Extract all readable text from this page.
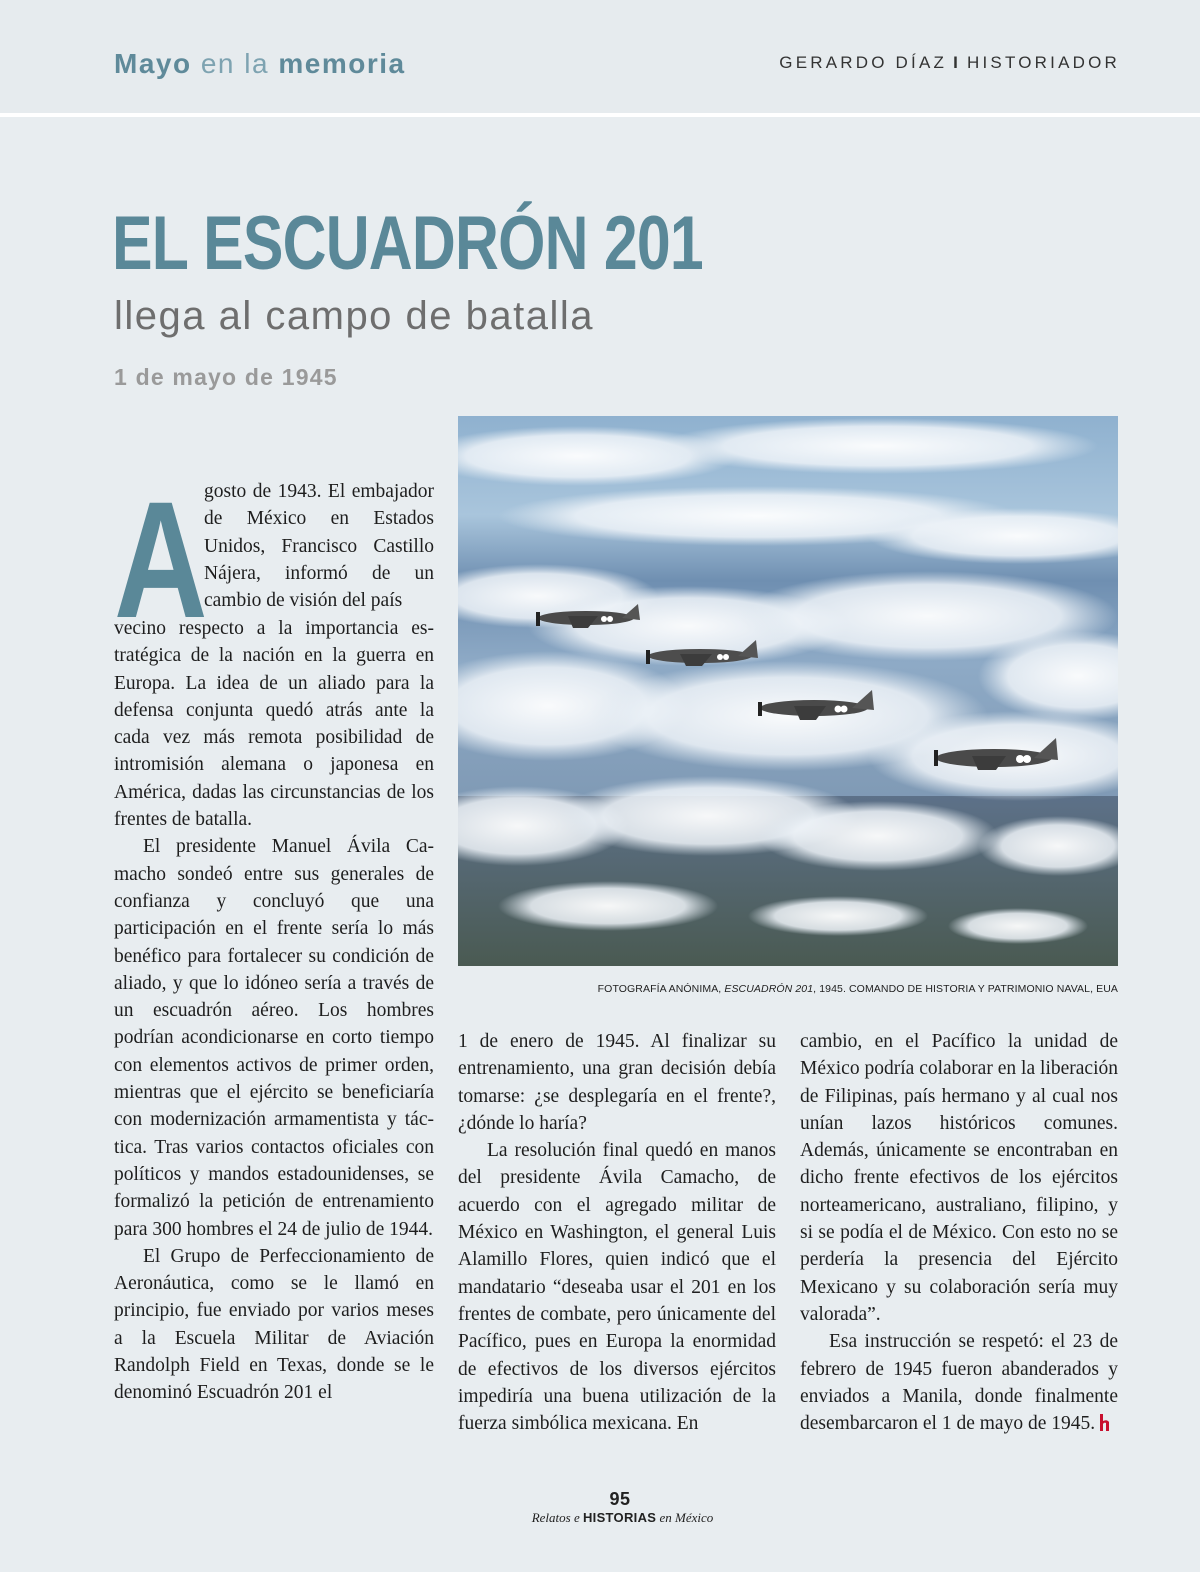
Mayo en la memoria	GERARDO DÍAZ I HISTORIADOR
EL ESCUADRÓN 201
llega al campo de batalla
1 de mayo de 1945
FOTOGRAFÍA ANÓNIMA, ESCUADRÓN 201, 1945. COMANDO DE HISTORIA Y PATRIMONIO NAVAL, EUA
A

gosto de 1943. El embajador de México en Estados Unidos, Francisco Castillo Nájera, informó de un cambio de visión del país

vecino respecto a la importancia estratégica de la nación en la guerra en Europa. La idea de un aliado para la defensa conjunta quedó atrás ante la cada vez más remota posibilidad de intromisión alemana o japonesa en América, dadas las circunstancias de los frentes de batalla.

El presidente Manuel Ávila Camacho sondeó entre sus generales de confianza y concluyó que una participación en el frente sería lo más benéfico para fortalecer su condición de aliado, y que lo idóneo sería a través de un escuadrón aéreo. Los hombres podrían acondicionarse en corto tiempo con elementos activos de primer orden, mientras que el ejército se beneficiaría con modernización armamentista y táctica. Tras varios contactos oficiales con políticos y mandos estadounidenses, se formalizó la petición de entrenamiento para 300 hombres el 24 de julio de 1944.

El Grupo de Perfeccionamiento de Aeronáutica, como se le llamó en principio, fue enviado por varios meses a la Escuela Militar de Aviación Randolph Field en Texas, donde se le denominó Escuadrón 201 el

1 de enero de 1945. Al finalizar su entrenamiento, una gran decisión debía tomarse: ¿se desplegaría en el frente?, ¿dónde lo haría?

La resolución final quedó en manos del presidente Ávila Camacho, de acuerdo con el agregado militar de México en Washington, el general Luis Alamillo Flores, quien indicó que el mandatario “deseaba usar el 201 en los frentes de combate, pero únicamente del Pacífico, pues en Europa la enormidad de efectivos de los diversos ejércitos impediría una buena utilización de la fuerza simbólica mexicana. En

cambio, en el Pacífico la unidad de México podría colaborar en la liberación de Filipinas, país hermano y al cual nos unían lazos históricos comunes. Además, únicamente se encontraban en dicho frente efectivos de los ejércitos norteamericano, australiano, filipino, y si se podía el de México. Con esto no se perdería la presencia del Ejército Mexicano y su colaboración sería muy valorada”.

Esa instrucción se respetó: el 23 de febrero de 1945 fueron abanderados y enviados a Manila, donde finalmente desembarcaron el 1 de mayo de 1945.

95
Relatos e HISTORIAS en México
